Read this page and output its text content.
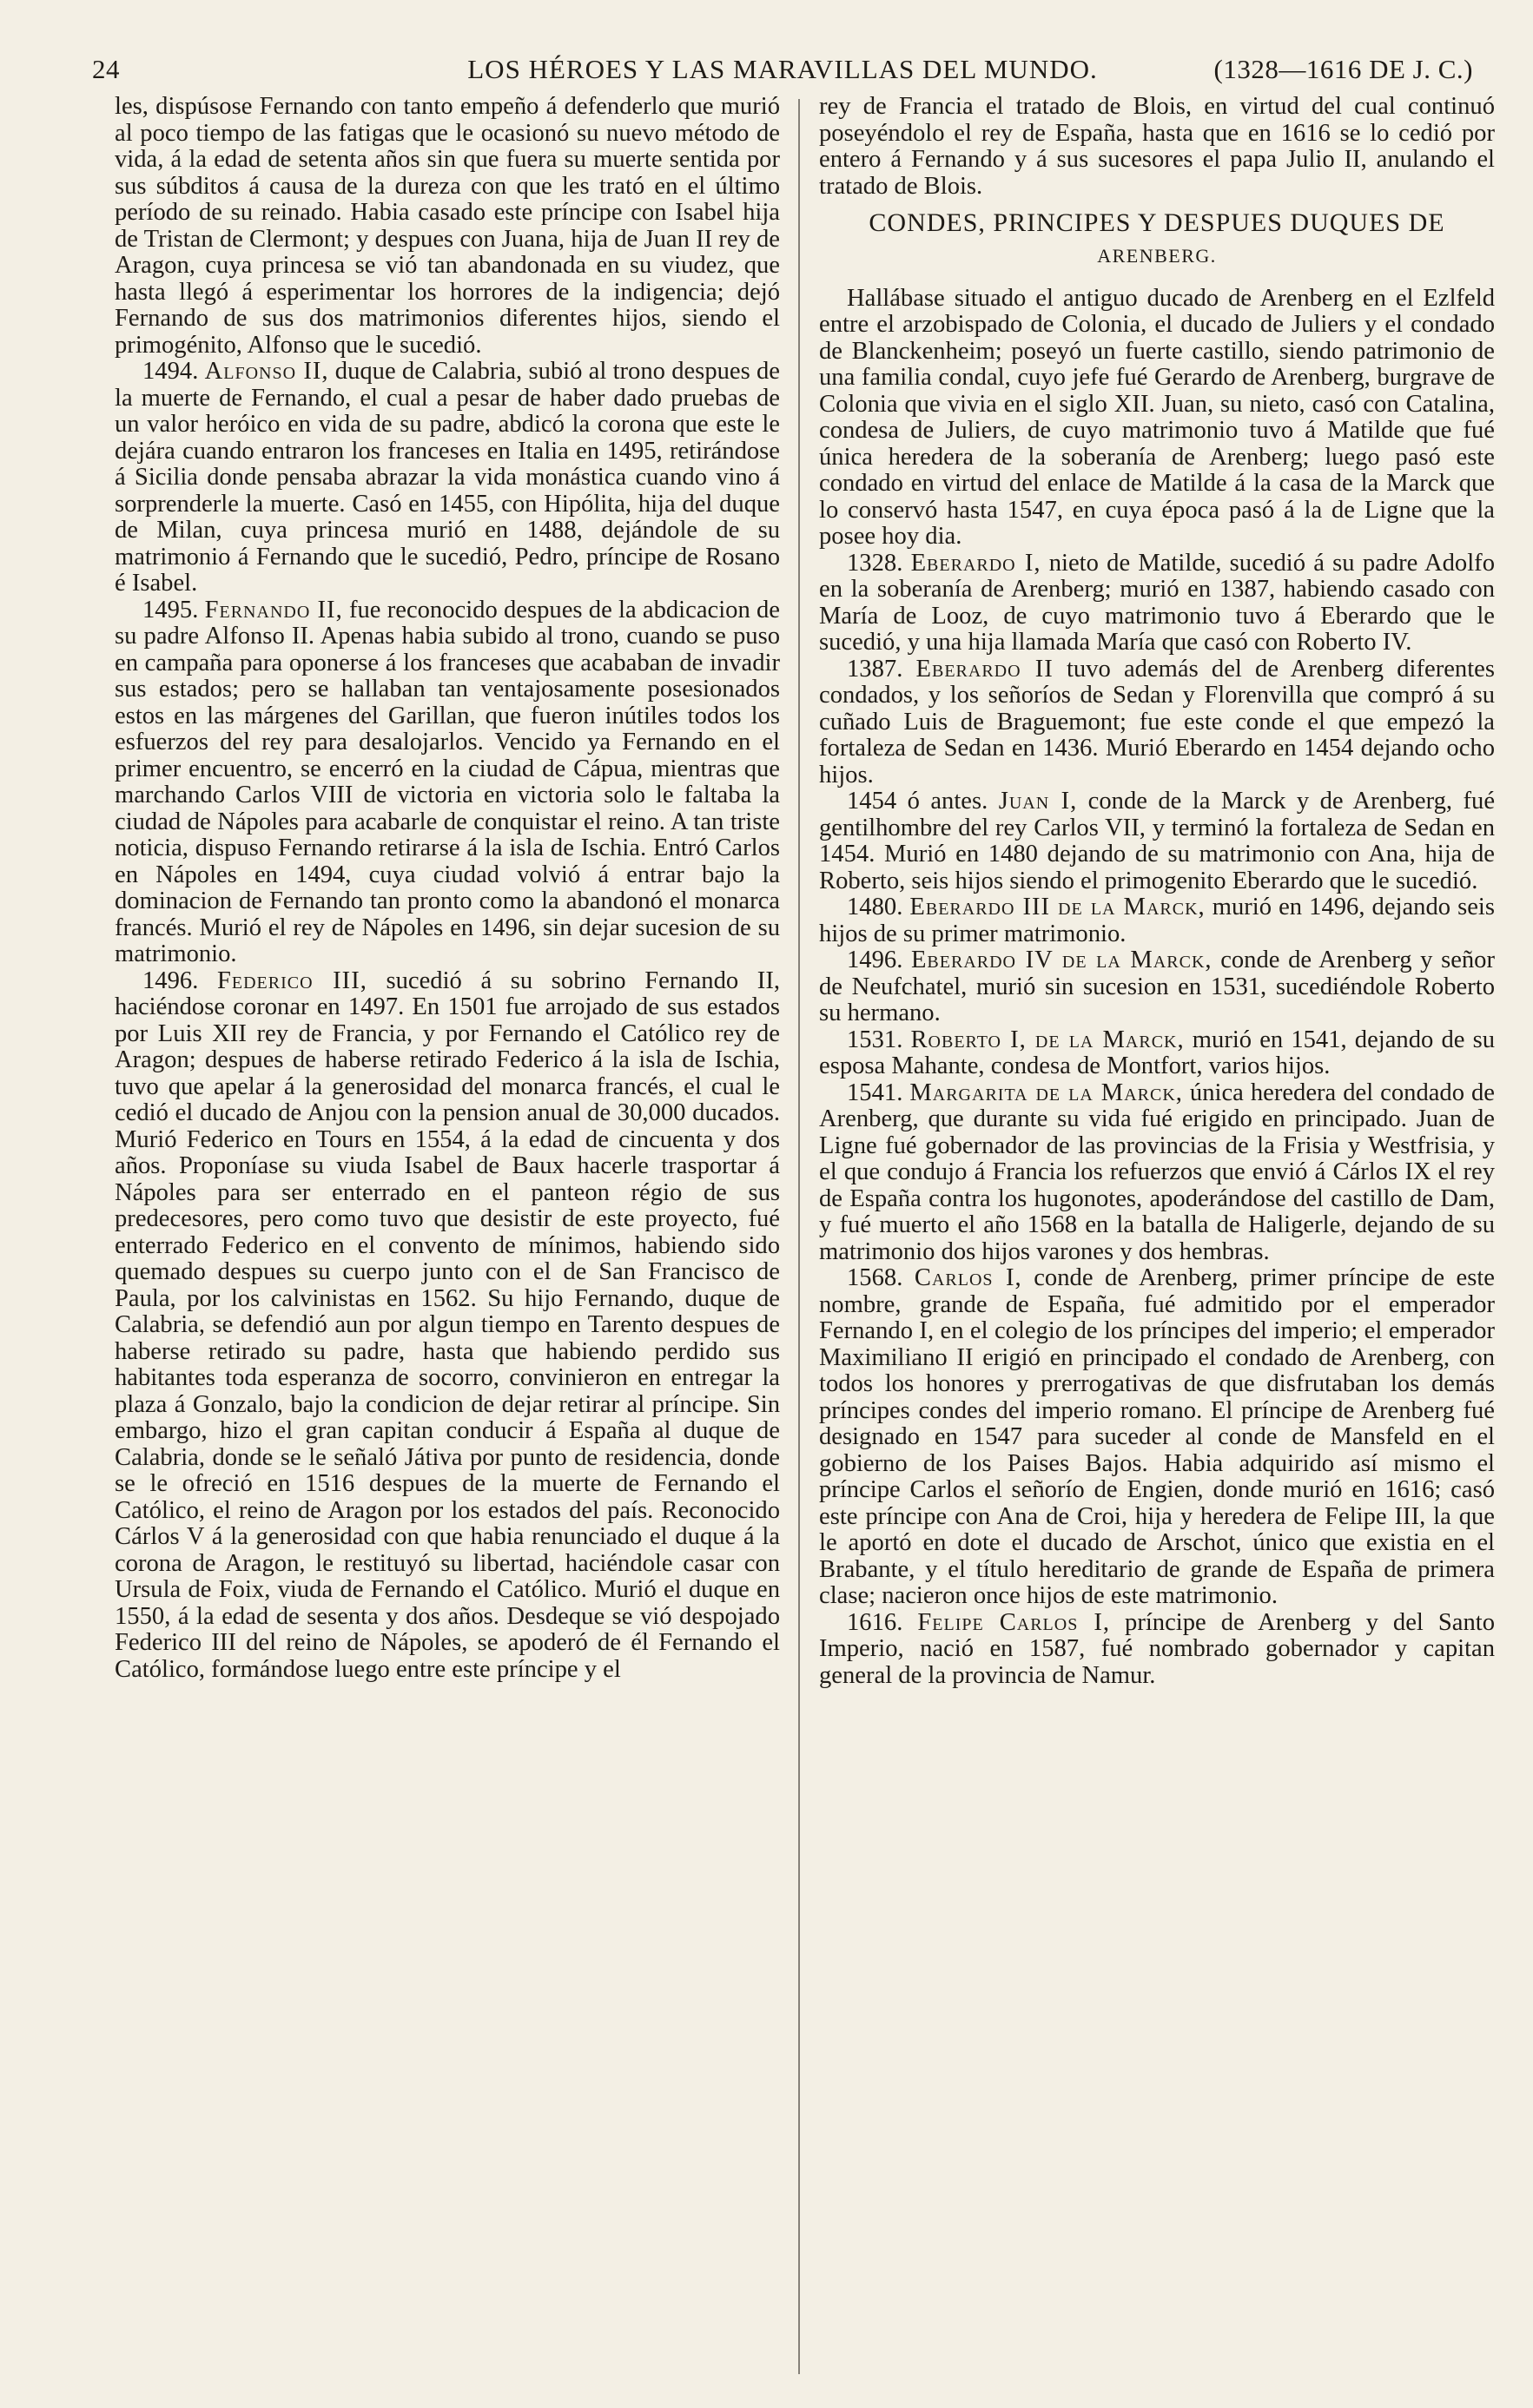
24	LOS HÉROES Y LAS MARAVILLAS DEL MUNDO.	(1328—1616 DE J. C.)

les, dispúsose Fernando con tanto empeño á defenderlo que murió al poco tiempo de las fatigas que le ocasionó su nuevo método de vida, á la edad de setenta años sin que fuera su muerte sentida por sus súbditos á causa de la dureza con que les trató en el último período de su reinado. Habia casado este príncipe con Isabel hija de Tristan de Clermont; y despues con Juana, hija de Juan II rey de Aragon, cuya princesa se vió tan abandonada en su viudez, que hasta llegó á esperimentar los horrores de la indigencia; dejó Fernando de sus dos matrimonios diferentes hijos, siendo el primogénito, Alfonso que le sucedió.

1494. Alfonso II, duque de Calabria, subió al trono despues de la muerte de Fernando, el cual a pesar de haber dado pruebas de un valor heróico en vida de su padre, abdicó la corona que este le dejára cuando entraron los franceses en Italia en 1495, retirándose á Sicilia donde pensaba abrazar la vida monástica cuando vino á sorprenderle la muerte. Casó en 1455, con Hipólita, hija del duque de Milan, cuya princesa murió en 1488, dejándole de su matrimonio á Fernando que le sucedió, Pedro, príncipe de Rosano é Isabel.

1495. Fernando II, fue reconocido despues de la abdicacion de su padre Alfonso II. Apenas habia subido al trono, cuando se puso en campaña para oponerse á los franceses que acababan de invadir sus estados; pero se hallaban tan ventajosamente posesionados estos en las márgenes del Garillan, que fueron inútiles todos los esfuerzos del rey para desalojarlos. Vencido ya Fernando en el primer encuentro, se encerró en la ciudad de Cápua, mientras que marchando Carlos VIII de victoria en victoria solo le faltaba la ciudad de Nápoles para acabarle de conquistar el reino. A tan triste noticia, dispuso Fernando retirarse á la isla de Ischia. Entró Carlos en Nápoles en 1494, cuya ciudad volvió á entrar bajo la dominacion de Fernando tan pronto como la abandonó el monarca francés. Murió el rey de Nápoles en 1496, sin dejar sucesion de su matrimonio.

1496. Federico III, sucedió á su sobrino Fernando II, haciéndose coronar en 1497. En 1501 fue arrojado de sus estados por Luis XII rey de Francia, y por Fernando el Católico rey de Aragon; despues de haberse retirado Federico á la isla de Ischia, tuvo que apelar á la generosidad del monarca francés, el cual le cedió el ducado de Anjou con la pension anual de 30,000 ducados. Murió Federico en Tours en 1554, á la edad de cincuenta y dos años. Proponíase su viuda Isabel de Baux hacerle trasportar á Nápoles para ser enterrado en el panteon régio de sus predecesores, pero como tuvo que desistir de este proyecto, fué enterrado Federico en el convento de mínimos, habiendo sido quemado despues su cuerpo junto con el de San Francisco de Paula, por los calvinistas en 1562. Su hijo Fernando, duque de Calabria, se defendió aun por algun tiempo en Tarento despues de haberse retirado su padre, hasta que habiendo perdido sus habitantes toda esperanza de socorro, convinieron en entregar la plaza á Gonzalo, bajo la condicion de dejar retirar al príncipe. Sin embargo, hizo el gran capitan conducir á España al duque de Calabria, donde se le señaló Játiva por punto de residencia, donde se le ofreció en 1516 despues de la muerte de Fernando el Católico, el reino de Aragon por los estados del país. Reconocido Cárlos V á la generosidad con que habia renunciado el duque á la corona de Aragon, le restituyó su libertad, haciéndole casar con Ursula de Foix, viuda de Fernando el Católico. Murió el duque en 1550, á la edad de sesenta y dos años. Desdeque se vió despojado Federico III del reino de Nápoles, se apoderó de él Fernando el Católico, formándose luego entre este príncipe y el

rey de Francia el tratado de Blois, en virtud del cual continuó poseyéndolo el rey de España, hasta que en 1616 se lo cedió por entero á Fernando y á sus sucesores el papa Julio II, anulando el tratado de Blois.

CONDES, PRINCIPES Y DESPUES DUQUES DE
ARENBERG.

Hallábase situado el antiguo ducado de Arenberg en el Ezlfeld entre el arzobispado de Colonia, el ducado de Juliers y el condado de Blanckenheim; poseyó un fuerte castillo, siendo patrimonio de una familia condal, cuyo jefe fué Gerardo de Arenberg, burgrave de Colonia que vivia en el siglo XII. Juan, su nieto, casó con Catalina, condesa de Juliers, de cuyo matrimonio tuvo á Matilde que fué única heredera de la soberanía de Arenberg; luego pasó este condado en virtud del enlace de Matilde á la casa de la Marck que lo conservó hasta 1547, en cuya época pasó á la de Ligne que la posee hoy dia.

1328. Eberardo I, nieto de Matilde, sucedió á su padre Adolfo en la soberanía de Arenberg; murió en 1387, habiendo casado con María de Looz, de cuyo matrimonio tuvo á Eberardo que le sucedió, y una hija llamada María que casó con Roberto IV.

1387. Eberardo II tuvo además del de Arenberg diferentes condados, y los señoríos de Sedan y Florenvilla que compró á su cuñado Luis de Braguemont; fue este conde el que empezó la fortaleza de Sedan en 1436. Murió Eberardo en 1454 dejando ocho hijos.

1454 ó antes. Juan I, conde de la Marck y de Arenberg, fué gentilhombre del rey Carlos VII, y terminó la fortaleza de Sedan en 1454. Murió en 1480 dejando de su matrimonio con Ana, hija de Roberto, seis hijos siendo el primogenito Eberardo que le sucedió.

1480. Eberardo III de la Marck, murió en 1496, dejando seis hijos de su primer matrimonio.

1496. Eberardo IV de la Marck, conde de Arenberg y señor de Neufchatel, murió sin sucesion en 1531, sucediéndole Roberto su hermano.

1531. Roberto I, de la Marck, murió en 1541, dejando de su esposa Mahante, condesa de Montfort, varios hijos.

1541. Margarita de la Marck, única heredera del condado de Arenberg, que durante su vida fué erigido en principado. Juan de Ligne fué gobernador de las provincias de la Frisia y Westfrisia, y el que condujo á Francia los refuerzos que envió á Cárlos IX el rey de España contra los hugonotes, apoderándose del castillo de Dam, y fué muerto el año 1568 en la batalla de Haligerle, dejando de su matrimonio dos hijos varones y dos hembras.

1568. Carlos I, conde de Arenberg, primer príncipe de este nombre, grande de España, fué admitido por el emperador Fernando I, en el colegio de los príncipes del imperio; el emperador Maximiliano II erigió en principado el condado de Arenberg, con todos los honores y prerrogativas de que disfrutaban los demás príncipes condes del imperio romano. El príncipe de Arenberg fué designado en 1547 para suceder al conde de Mansfeld en el gobierno de los Paises Bajos. Habia adquirido así mismo el príncipe Carlos el señorío de Engien, donde murió en 1616; casó este príncipe con Ana de Croi, hija y heredera de Felipe III, la que le aportó en dote el ducado de Arschot, único que existia en el Brabante, y el título hereditario de grande de España de primera clase; nacieron once hijos de este matrimonio.

1616. Felipe Carlos I, príncipe de Arenberg y del Santo Imperio, nació en 1587, fué nombrado gobernador y capitan general de la provincia de Namur.
